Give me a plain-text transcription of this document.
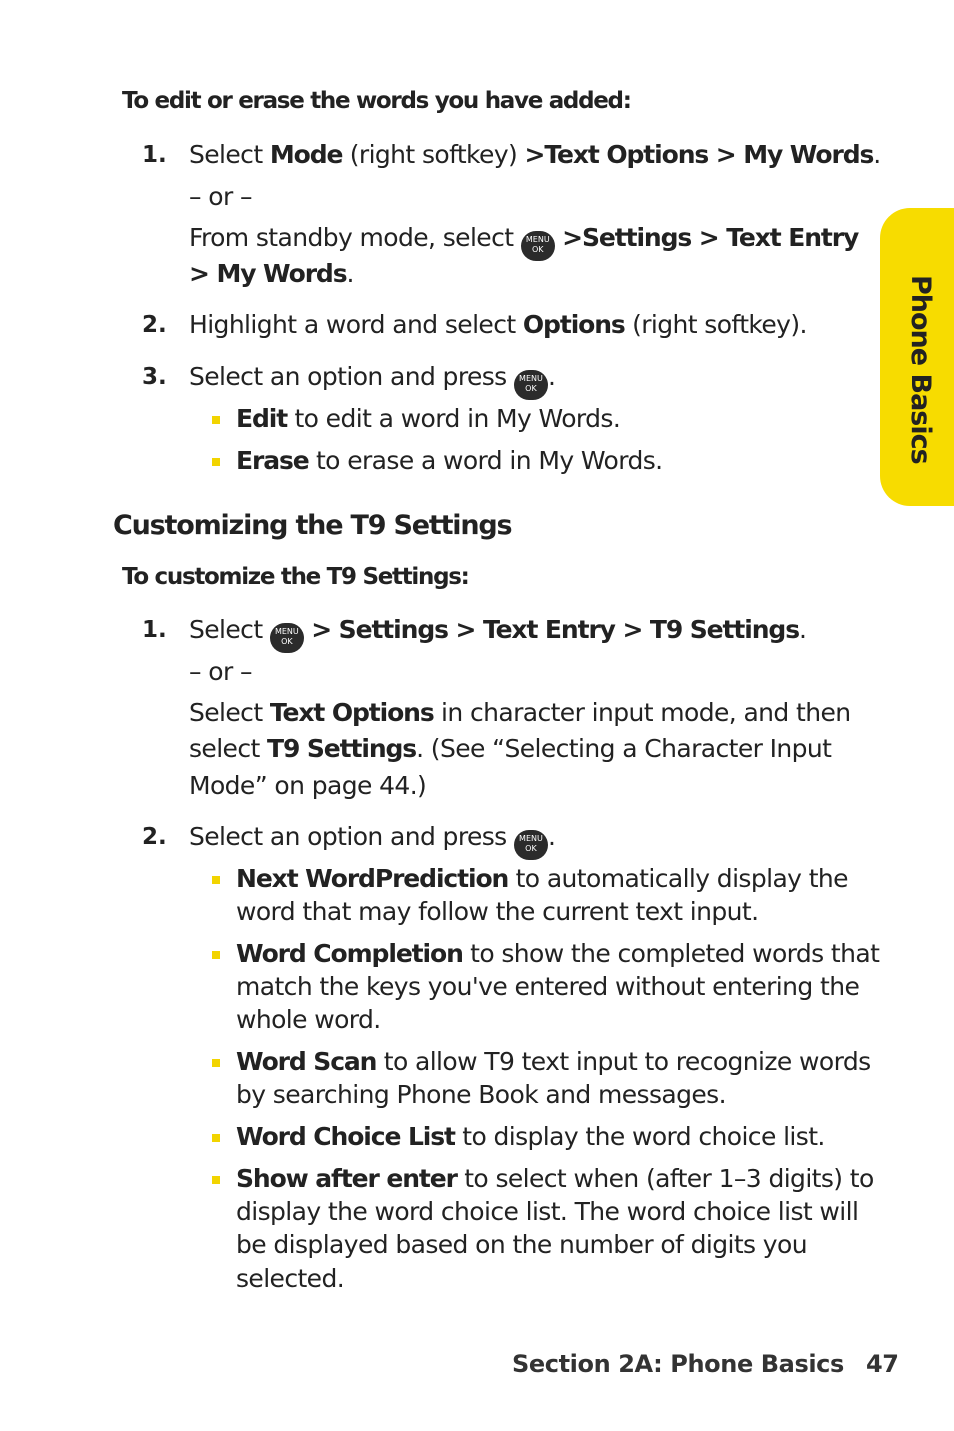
Phone Basics
To edit or erase the words you have added:
1. Select Mode (right softkey) >Text Options > My Words.
– or –
From standby mode, select MENU
OK >Settings > Text Entry
> My Words.
2. Highlight a word and select Options (right softkey).
3. Select an option and press MENU
OK .
Edit to edit a word in My Words.
Erase to erase a word in My Words.
Customizing the T9 Settings
To customize the T9 Settings:
1. Select MENU
OK > Settings > Text Entry > T9 Settings.
– or –
Select Text Options in character input mode, and then
select T9 Settings. (See “Selecting a Character Input
Mode” on page 44.)
2. Select an option and press MENU
OK .
Next WordPrediction to automatically display the
word that may follow the current text input.
Word Completion to show the completed words that
match the keys you've entered without entering the
whole word.
Word Scan to allow T9 text input to recognize words
by searching Phone Book and messages.
Word Choice List to display the word choice list.
Show after enter to select when (after 1–3 digits) to
display the word choice list. The word choice list will
be displayed based on the number of digits you
selected.
Section 2A: Phone Basics 47
